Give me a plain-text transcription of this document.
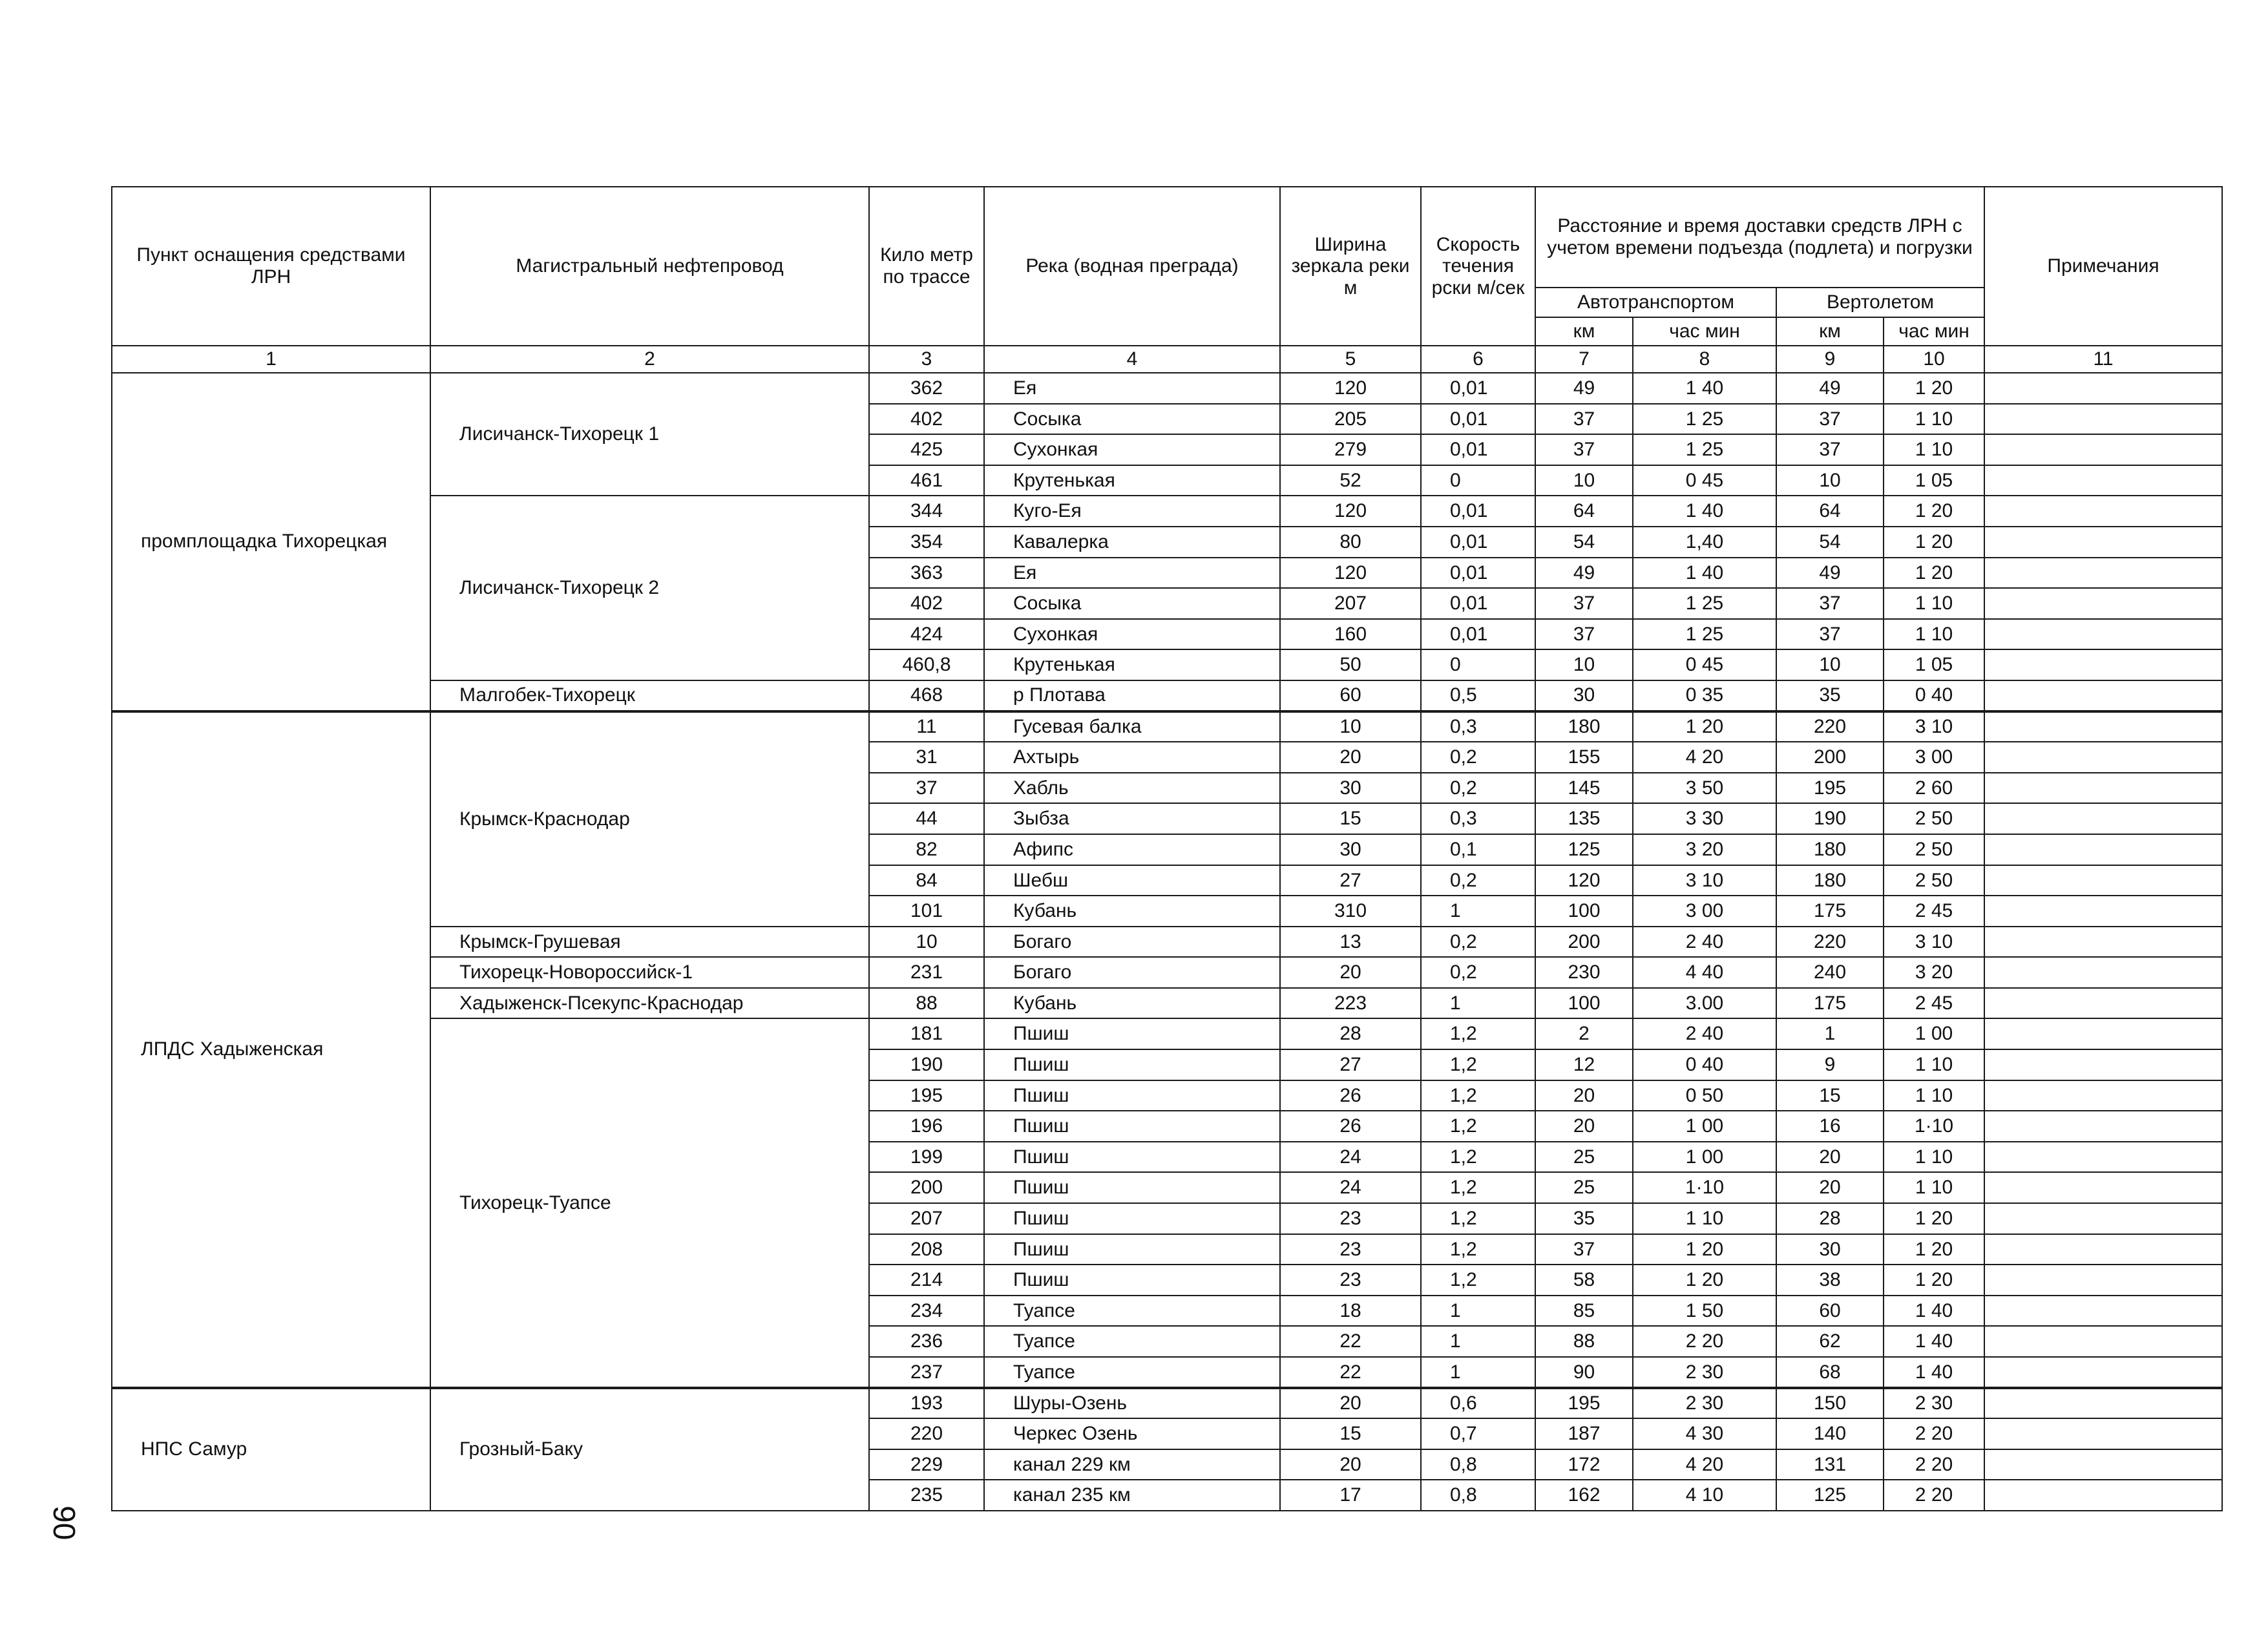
Пункт оснащения средствами ЛРН	Магистральный нефтепровод	Кило метр по трассе	Река (водная преграда)	Ширина зеркала реки м	Скорость течения рски м/сек	Расстояние и время доставки средств ЛРН с учетом времени подъезда (подлета) и погрузки				Примечания
						Автотранспортом		Вертолетом		
						км	час мин	км	час мин	
1	2	3	4	5	6	7	8	9	10	11
промплощадка Тихорецкая	Лисичанск-Тихорецк 1	362	Ея	120	0,01	49	1 40	49	1 20	
		402	Сосыка	205	0,01	37	1 25	37	1 10	
		425	Сухонкая	279	0,01	37	1 25	37	1 10	
		461	Крутенькая	52	0	10	0 45	10	1 05	
	Лисичанск-Тихорецк 2	344	Куго-Ея	120	0,01	64	1 40	64	1 20	
		354	Кавалерка	80	0,01	54	1,40	54	1 20	
		363	Ея	120	0,01	49	1 40	49	1 20	
		402	Сосыка	207	0,01	37	1 25	37	1 10	
		424	Сухонкая	160	0,01	37	1 25	37	1 10	
		460,8	Крутенькая	50	0	10	0 45	10	1 05	
	Малгобек-Тихорецк	468	р Плотава	60	0,5	30	0 35	35	0 40	
ЛПДС Хадыженская	Крымск-Краснодар	11	Гусевая балка	10	0,3	180	1 20	220	3 10	
		31	Ахтырь	20	0,2	155	4 20	200	3 00	
		37	Хабль	30	0,2	145	3 50	195	2 60	
		44	Зыбза	15	0,3	135	3 30	190	2 50	
		82	Афипс	30	0,1	125	3 20	180	2 50	
		84	Шебш	27	0,2	120	3 10	180	2 50	
		101	Кубань	310	1	100	3 00	175	2 45	
	Крымск-Грушевая	10	Богаго	13	0,2	200	2 40	220	3 10	
	Тихорецк-Новороссийск-1	231	Богаго	20	0,2	230	4 40	240	3 20	
	Хадыженск-Псекупс-Краснодар	88	Кубань	223	1	100	3.00	175	2 45	
	Тихорецк-Туапсе	181	Пшиш	28	1,2	2	2 40	1	1 00	
		190	Пшиш	27	1,2	12	0 40	9	1 10	
		195	Пшиш	26	1,2	20	0 50	15	1 10	
		196	Пшиш	26	1,2	20	1 00	16	1·10	
		199	Пшиш	24	1,2	25	1 00	20	1 10	
		200	Пшиш	24	1,2	25	1·10	20	1 10	
		207	Пшиш	23	1,2	35	1 10	28	1 20	
		208	Пшиш	23	1,2	37	1 20	30	1 20	
		214	Пшиш	23	1,2	58	1 20	38	1 20	
		234	Туапсе	18	1	85	1 50	60	1 40	
		236	Туапсе	22	1	88	2 20	62	1 40	
		237	Туапсе	22	1	90	2 30	68	1 40	
НПС Самур	Грозный-Баку	193	Шуры-Озень	20	0,6	195	2 30	150	2 30	
		220	Черкес Озень	15	0,7	187	4 30	140	2 20	
		229	канал 229 км	20	0,8	172	4 20	131	2 20	
		235	канал 235 км	17	0,8	162	4 10	125	2 20	
90
